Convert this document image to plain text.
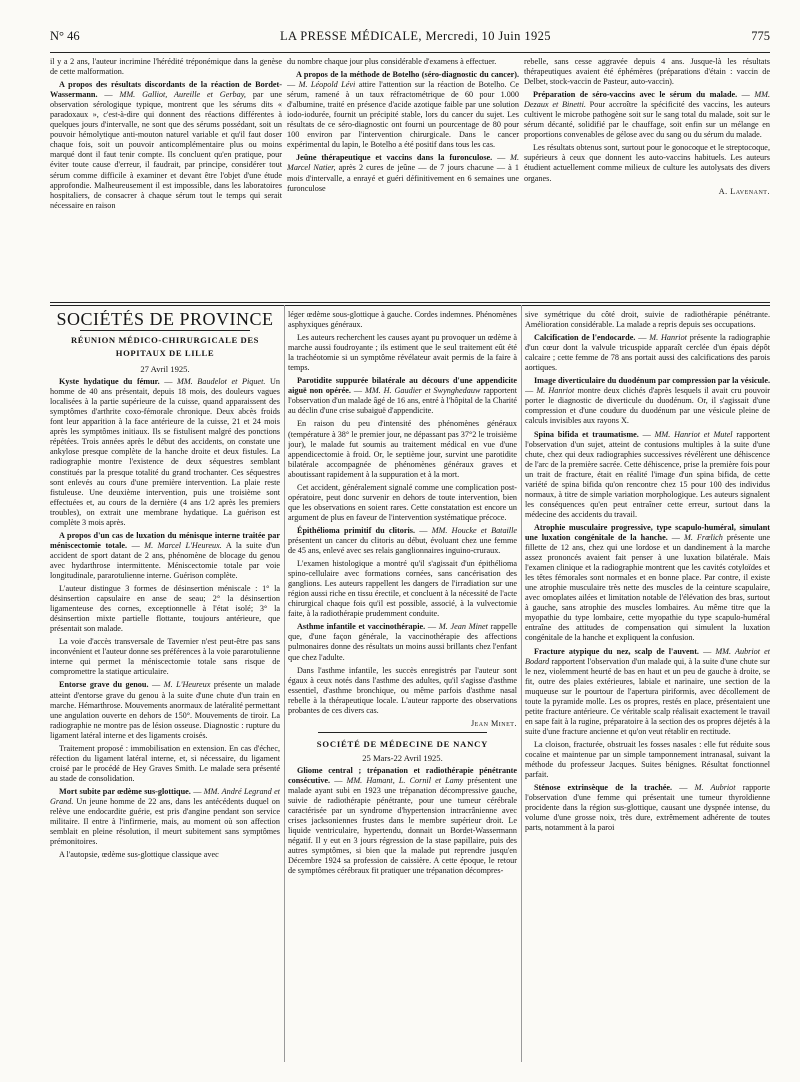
N° 46	LA PRESSE MÉDICALE, Mercredi, 10 Juin 1925	775

il y a 2 ans, l'auteur incrimine l'hérédité tréponémique dans la genèse de cette malformation.

A propos des résultats discordants de la réaction de Bordet-Wassermann. — MM. Galliot, Aureille et Gerbay, par une observation sérologique typique, montrent que les sérums dits « paradoxaux », c'est-à-dire qui donnent des réactions différentes à quelques jours d'intervalle, ne sont que des sérums possédant, soit un pouvoir hémolytique anti-mouton naturel variable et qu'il faut doser chaque fois, soit un pouvoir anticomplémentaire plus ou moins marqué dont il faut tenir compte. Ils concluent qu'en pratique, pour éviter toute cause d'erreur, il faudrait, par principe, considérer tout sérum comme difficile à examiner et devant être l'objet d'une étude approfondie. Malheureusement il est impossible, dans les laboratoires hospitaliers, de consacrer à chaque sérum tout le temps qui serait nécessaire en raison

du nombre chaque jour plus considérable d'examens à effectuer.

A propos de la méthode de Botelho (séro-diagnostic du cancer). — M. Léopold Lévi attire l'attention sur la réaction de Botelho. Ce sérum, ramené à un taux réfractométrique de 60 pour 1.000 d'albumine, traité en présence d'acide azotique faible par une solution iodo-iodurée, fournit un précipité stable, lors du cancer du sujet. Les résultats de ce séro-diagnostic ont fourni un pourcentage de 80 pour 100 environ par l'intervention chirurgicale. Dans le cancer expérimental du lapin, le Botelho a été positif dans tous les cas.

Jeûne thérapeutique et vaccins dans la furonculose. — M. Marcel Natier, après 2 cures de jeûne — de 7 jours chacune — à 1 mois d'intervalle, a enrayé et guéri définitivement en 6 semaines une furonculose

rebelle, sans cesse aggravée depuis 4 ans. Jusque-là les résultats thérapeutiques avaient été éphémères (préparations d'étain : vaccin de Delbet, stock-vaccin de Pasteur, auto-vaccin).

Préparation de séro-vaccins avec le sérum du malade. — MM. Dezaux et Binetti. Pour accroître la spécificité des vaccins, les auteurs cultivent le microbe pathogène soit sur le sang total du malade, soit sur le sérum décanté, solidifié par le chauffage, soit enfin sur un mélange en proportions convenables de gélose avec du sang ou du sérum du malade.

Les résultats obtenus sont, surtout pour le gonocoque et le streptocoque, supérieurs à ceux que donnent les auto-vaccins habituels. Les auteurs étudient actuellement comme milieux de culture les autolysats des divers organes.

A. Lavenant.

SOCIÉTÉS DE PROVINCE
RÉUNION MÉDICO-CHIRURGICALE DES HOPITAUX DE LILLE
27 Avril 1925.

Kyste hydatique du fémur. — MM. Baudelot et Piquet. Un homme de 40 ans présentait, depuis 18 mois, des douleurs vagues localisées à la partie supérieure de la cuisse, quand apparaissent des symptômes d'arthrite coxo-fémorale chronique. Deux abcès froids font leur apparition à la face antérieure de la cuisse, 21 et 24 mois après les symptômes initiaux. Ils se fistulisent malgré des ponctions répétées. Trois années après le début des accidents, on constate une ankylose presque complète de la hanche droite et deux fistules. La radiographie montre l'existence de deux séquestres semblant constitués par la presque totalité du grand trochanter. Ces séquestres sont enlevés au cours d'une première intervention. La plaie reste fistuleuse. Une deuxième intervention, puis une troisième sont effectuées et, au cours de la dernière (4 ans 1/2 après les premiers troubles), on extrait une membrane hydatique. La guérison est complète 3 mois après.

A propos d'un cas de luxation du ménisque interne traitée par méniscectomie totale. — M. Marcel L'Heureux. A la suite d'un accident de sport datant de 2 ans, phénomène de blocage du genou avec hydarthrose intermittente. Méniscectomie totale par voie longitudinale, pararotulienne interne. Guérison complète.

L'auteur distingue 3 formes de désinsertion méniscale : 1° la désinsertion capsulaire en anse de seau; 2° la désinsertion ligamenteuse des cornes, exceptionnelle à l'état isolé; 3° la désinsertion mixte partielle flottante, toujours antérieure, que présentait son malade.

La voie d'accès transversale de Tavernier n'est peut-être pas sans inconvénient et l'auteur donne ses préférences à la voie pararotulienne interne qui permet la méniscectomie totale sans risque de compromettre la statique articulaire.

Entorse grave du genou. — M. L'Heureux présente un malade atteint d'entorse grave du genou à la suite d'une chute d'un train en marche. Hémarthrose. Mouvements anormaux de latéralité permettant une angulation ouverte en dehors de 150°. Mouvements de tiroir. La radiographie ne montre pas de lésion osseuse. Diagnostic : rupture du ligament latéral interne et des ligaments croisés.

Traitement proposé : immobilisation en extension. En cas d'échec, réfection du ligament latéral interne, et, si nécessaire, du ligament croisé par le procédé de Hey Graves Smith. Le malade sera présenté au stade de consolidation.

Mort subite par œdème sus-glottique. — MM. André Legrand et Grand. Un jeune homme de 22 ans, dans les antécédents duquel on relève une endocardite guérie, est pris d'angine pendant son service militaire. Il entre à l'infirmerie, mais, au moment où son affection semblait en pleine résolution, il meurt subitement sans symptômes prémonitoires.

A l'autopsie, œdème sus-glottique classique avec

léger œdème sous-glottique à gauche. Cordes indemnes. Phénomènes asphyxiques généraux.

Les auteurs recherchent les causes ayant pu provoquer un œdème à marche aussi foudroyante ; ils estiment que le seul traitement eût été la trachéotomie si un symptôme révélateur avait permis de la faire à temps.

Parotidite suppurée bilatérale au décours d'une appendicite aiguë non opérée. — MM. H. Gaudier et Swynghedauw rapportent l'observation d'un malade âgé de 16 ans, entré à l'hôpital de la Charité au déclin d'une crise subaiguë d'appendicite.

En raison du peu d'intensité des phénomènes généraux (température à 38° le premier jour, ne dépassant pas 37°2 le troisième jour), le malade fut soumis au traitement médical en vue d'une appendicectomie à froid. Or, le septième jour, survint une parotidite bilatérale accompagnée de phénomènes généraux graves et aboutissant rapidement à la suppuration et à la mort.

Cet accident, généralement signalé comme une complication post-opératoire, peut donc survenir en dehors de toute intervention, bien que les observations en soient rares. Cette constatation est encore un argument de plus en faveur de l'intervention systématique précoce.

Épithélioma primitif du clitoris. — MM. Houcke et Bataille présentent un cancer du clitoris au début, évoluant chez une femme de 45 ans, enlevé avec ses relais ganglionnaires inguino-cruraux.

L'examen histologique a montré qu'il s'agissait d'un épithélioma spino-cellulaire avec formations cornées, sans cancérisation des ganglions. Les auteurs rappellent les dangers de l'irradiation sur une région aussi riche en tissu érectile, et concluent à la nécessité de l'acte chirurgical chaque fois qu'il est possible, associé, à la vulvectomie faite, à la radiothérapie prudemment conduite.

Asthme infantile et vaccinothérapie. — M. Jean Minet rappelle que, d'une façon générale, la vaccinothérapie des affections pulmonaires donne des résultats un moins aussi brillants chez l'enfant que chez l'adulte.

Dans l'asthme infantile, les succès enregistrés par l'auteur sont égaux à ceux notés dans l'asthme des adultes, qu'il s'agisse d'asthme essentiel, d'asthme bronchique, ou même parfois d'asthme nasal rebelle à la thérapeutique locale. L'auteur rapporte des observations probantes de ces divers cas.

Jean Minet.

SOCIÉTÉ DE MÉDECINE DE NANCY
25 Mars-22 Avril 1925.

Gliome central ; trépanation et radiothérapie pénétrante consécutive. — MM. Hamant, L. Cornil et Lamy présentent une malade ayant subi en 1923 une trépanation décompressive gauche, suivie de radiothérapie pénétrante, pour une tumeur cérébrale caractérisée par un syndrome d'hypertension intracrânienne avec crises jacksoniennes frustes dans le membre supérieur droit. Le liquide ventriculaire, hypertendu, donnait un Bordet-Wassermann négatif. Il y eut en 3 jours régression de la stase papillaire, puis des autres symptômes, si bien que la malade put reprendre jusqu'en Décembre 1924 sa profession de caissière. A cette époque, le retour de symptômes cérébraux fit pratiquer une trépanation décompres-

sive symétrique du côté droit, suivie de radiothérapie pénétrante. Amélioration considérable. La malade a repris depuis ses occupations.

Calcification de l'endocarde. — M. Hanriot présente la radiographie d'un cœur dont la valvule tricuspide apparaît cerclée d'un épais dépôt calcaire ; cette femme de 78 ans portait aussi des calcifications des parois aortiques.

Image diverticulaire du duodénum par compression par la vésicule. — M. Hanriot montre deux clichés d'après lesquels il avait cru pouvoir porter le diagnostic de diverticule du duodénum. Or, il s'agissait d'une compression et d'une coudure du duodénum par une vésicule pleine de calculs invisibles aux rayons X.

Spina bifida et traumatisme. — MM. Hanriot et Mutel rapportent l'observation d'un sujet, atteint de contusions multiples à la suite d'une chute, chez qui deux radiographies successives révélèrent une déhiscence de l'arc de la première sacrée. Cette déhiscence, prise la première fois pour un trait de fracture, était en réalité l'image d'un spina bifida, de cette variété de spina bifida qu'on rencontre chez 15 pour 100 des individus normaux, à titre de simple variation morphologique. Les auteurs signalent les conséquences qu'en peut entraîner cette erreur, surtout dans la médecine des accidents du travail.

Atrophie musculaire progressive, type scapulo-huméral, simulant une luxation congénitale de la hanche. — M. Frœlich présente une fillette de 12 ans, chez qui une lordose et un dandinement à la marche assez prononcés avaient fait penser à une luxation bilatérale. Mais l'examen clinique et la radiographie montrent que les cavités cotyloïdes et les têtes fémorales sont normales et en bonne place. Par contre, il existe une atrophie musculaire très nette des muscles de la ceinture scapulaire, avec omoplates ailées et limitation notable de l'élévation des bras, surtout à gauche, sans atrophie des muscles lombaires. Au même titre que la myopathie du type lombaire, cette myopathie du type scapulo-huméral entraîne des attitudes de compensation qui simulent la luxation congénitale de la hanche et expliquent la confusion.

Fracture atypique du nez, scalp de l'auvent. — MM. Aubriot et Bodard rapportent l'observation d'un malade qui, à la suite d'une chute sur le nez, violemment heurté de bas en haut et un peu de gauche à droite, se fit, outre des plaies extérieures, labiale et narinaire, une section de la muqueuse sur le pourtour de l'apertura piriformis, avec décollement de toute la pyramide molle. Les os propres, restés en place, présentaient une petite fracture antérieure. Ce véritable scalp réalisait exactement le travail en sape fait à la rugine, préparatoire à la section des os propres déjetés à la suite d'une fracture ancienne et qu'on veut rétablir en rectitude.

La cloison, fracturée, obstruait les fosses nasales : elle fut réduite sous cocaïne et maintenue par un simple tamponnement intranasal, suivant la méthode du professeur Jacques. Suites bénignes. Résultat fonctionnel parfait.

Sténose extrinsèque de la trachée. — M. Aubriot rapporte l'observation d'une femme qui présentait une tumeur thyroïdienne procidente dans la région sus-glottique, causant une dyspnée intense, du volume d'une grosse noix, très dure, extrêmement adhérente de toutes parts, notamment à la paroi
